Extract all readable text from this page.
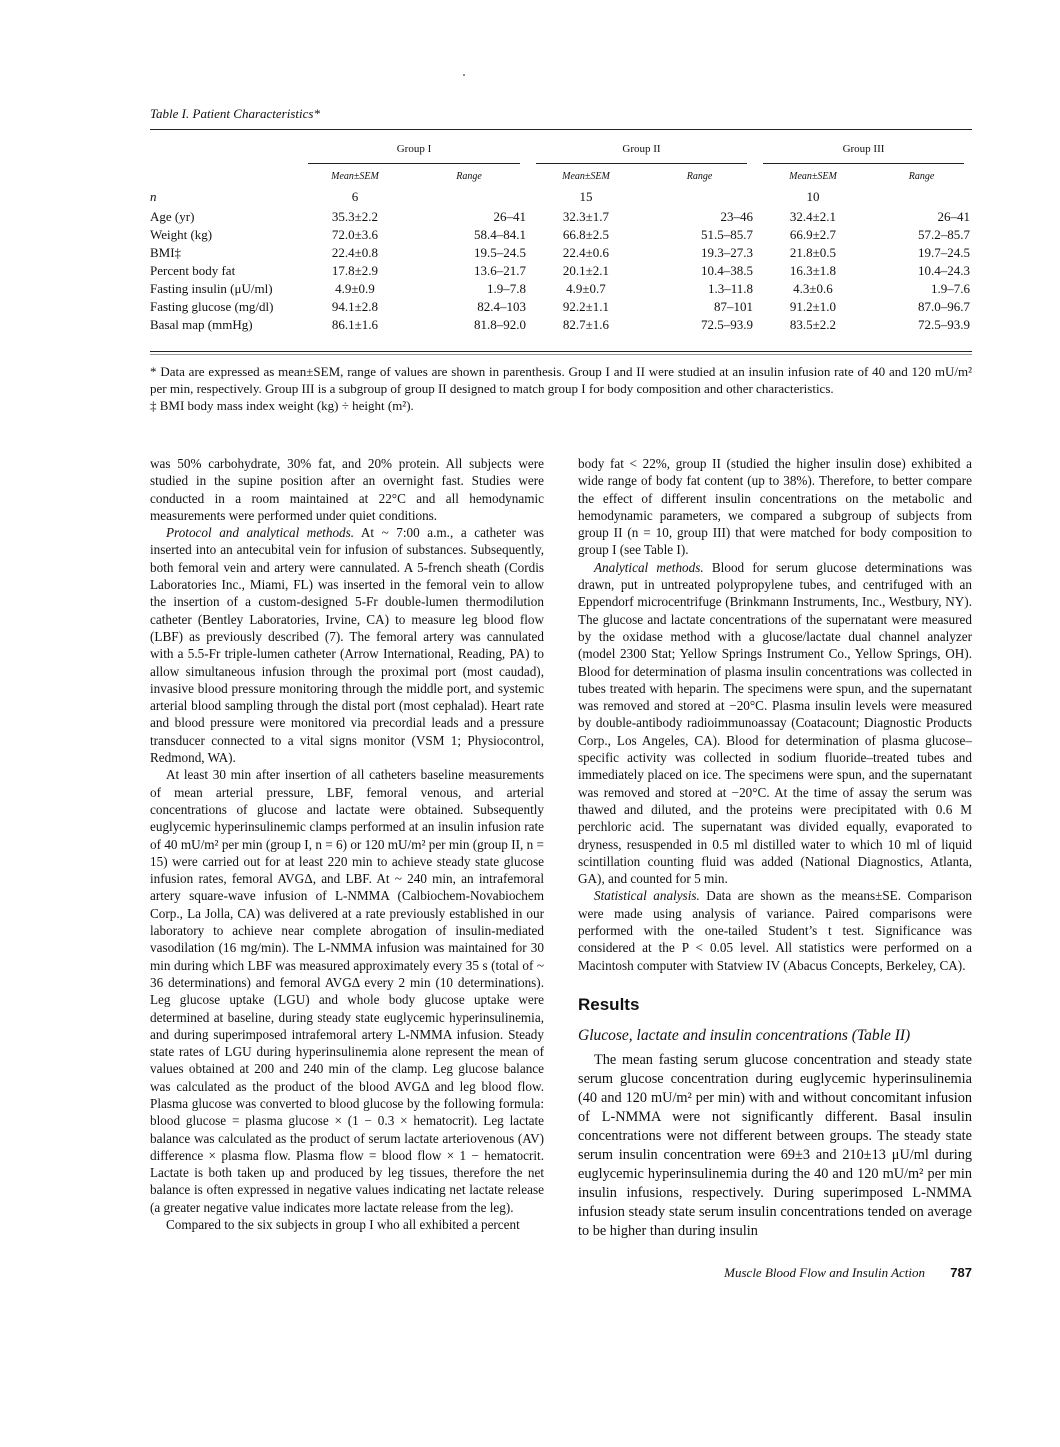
Table I. Patient Characteristics*
	Group I		Group II		Group III	

	Mean±SEM	Range	Mean±SEM	Range	Mean±SEM	Range
n	6		15		10	
Age (yr)	35.3±2.2	26–41	32.3±1.7	23–46	32.4±2.1	26–41
Weight (kg)	72.0±3.6	58.4–84.1	66.8±2.5	51.5–85.7	66.9±2.7	57.2–85.7
BMI‡	22.4±0.8	19.5–24.5	22.4±0.6	19.3–27.3	21.8±0.5	19.7–24.5
Percent body fat	17.8±2.9	13.6–21.7	20.1±2.1	10.4–38.5	16.3±1.8	10.4–24.3
Fasting insulin (μU/ml)	4.9±0.9	1.9–7.8	4.9±0.7	1.3–11.8	4.3±0.6	1.9–7.6
Fasting glucose (mg/dl)	94.1±2.8	82.4–103	92.2±1.1	87–101	91.2±1.0	87.0–96.7
Basal map (mmHg)	86.1±1.6	81.8–92.0	82.7±1.6	72.5–93.9	83.5±2.2	72.5–93.9
* Data are expressed as mean±SEM, range of values are shown in parenthesis. Group I and II were studied at an insulin infusion rate of 40 and 120 mU/m² per min, respectively. Group III is a subgroup of group II designed to match group I for body composition and other characteristics.
‡ BMI body mass index weight (kg) ÷ height (m²).

was 50% carbohydrate, 30% fat, and 20% protein. All subjects were studied in the supine position after an overnight fast. Studies were conducted in a room maintained at 22°C and all hemodynamic measurements were performed under quiet conditions.

Protocol and analytical methods. At ~ 7:00 a.m., a catheter was inserted into an antecubital vein for infusion of substances. Subsequently, both femoral vein and artery were cannulated. A 5-french sheath (Cordis Laboratories Inc., Miami, FL) was inserted in the femoral vein to allow the insertion of a custom-designed 5-Fr double-lumen thermodilution catheter (Bentley Laboratories, Irvine, CA) to measure leg blood flow (LBF) as previously described (7). The femoral artery was cannulated with a 5.5-Fr triple-lumen catheter (Arrow International, Reading, PA) to allow simultaneous infusion through the proximal port (most caudad), invasive blood pressure monitoring through the middle port, and systemic arterial blood sampling through the distal port (most cephalad). Heart rate and blood pressure were monitored via precordial leads and a pressure transducer connected to a vital signs monitor (VSM 1; Physiocontrol, Redmond, WA).

At least 30 min after insertion of all catheters baseline measurements of mean arterial pressure, LBF, femoral venous, and arterial concentrations of glucose and lactate were obtained. Subsequently euglycemic hyperinsulinemic clamps performed at an insulin infusion rate of 40 mU/m² per min (group I, n = 6) or 120 mU/m² per min (group II, n = 15) were carried out for at least 220 min to achieve steady state glucose infusion rates, femoral AVGΔ, and LBF. At ~ 240 min, an intrafemoral artery square-wave infusion of L-NMMA (Calbiochem-Novabiochem Corp., La Jolla, CA) was delivered at a rate previously established in our laboratory to achieve near complete abrogation of insulin-mediated vasodilation (16 mg/min). The L-NMMA infusion was maintained for 30 min during which LBF was measured approximately every 35 s (total of ~ 36 determinations) and femoral AVGΔ every 2 min (10 determinations). Leg glucose uptake (LGU) and whole body glucose uptake were determined at baseline, during steady state euglycemic hyperinsulinemia, and during superimposed intrafemoral artery L-NMMA infusion. Steady state rates of LGU during hyperinsulinemia alone represent the mean of values obtained at 200 and 240 min of the clamp. Leg glucose balance was calculated as the product of the blood AVGΔ and leg blood flow. Plasma glucose was converted to blood glucose by the following formula: blood glucose = plasma glucose × (1 − 0.3 × hematocrit). Leg lactate balance was calculated as the product of serum lactate arteriovenous (AV) difference × plasma flow. Plasma flow = blood flow × 1 − hematocrit. Lactate is both taken up and produced by leg tissues, therefore the net balance is often expressed in negative values indicating net lactate release (a greater negative value indicates more lactate release from the leg).

Compared to the six subjects in group I who all exhibited a percent

body fat < 22%, group II (studied the higher insulin dose) exhibited a wide range of body fat content (up to 38%). Therefore, to better compare the effect of different insulin concentrations on the metabolic and hemodynamic parameters, we compared a subgroup of subjects from group II (n = 10, group III) that were matched for body composition to group I (see Table I).

Analytical methods. Blood for serum glucose determinations was drawn, put in untreated polypropylene tubes, and centrifuged with an Eppendorf microcentrifuge (Brinkmann Instruments, Inc., Westbury, NY). The glucose and lactate concentrations of the supernatant were measured by the oxidase method with a glucose/lactate dual channel analyzer (model 2300 Stat; Yellow Springs Instrument Co., Yellow Springs, OH). Blood for determination of plasma insulin concentrations was collected in tubes treated with heparin. The specimens were spun, and the supernatant was removed and stored at −20°C. Plasma insulin levels were measured by double-antibody radioimmunoassay (Coatacount; Diagnostic Products Corp., Los Angeles, CA). Blood for determination of plasma glucose–specific activity was collected in sodium fluoride–treated tubes and immediately placed on ice. The specimens were spun, and the supernatant was removed and stored at −20°C. At the time of assay the serum was thawed and diluted, and the proteins were precipitated with 0.6 M perchloric acid. The supernatant was divided equally, evaporated to dryness, resuspended in 0.5 ml distilled water to which 10 ml of liquid scintillation counting fluid was added (National Diagnostics, Atlanta, GA), and counted for 5 min.

Statistical analysis. Data are shown as the means±SE. Comparison were made using analysis of variance. Paired comparisons were performed with the one-tailed Student’s t test. Significance was considered at the P < 0.05 level. All statistics were performed on a Macintosh computer with Statview IV (Abacus Concepts, Berkeley, CA).

Results
Glucose, lactate and insulin concentrations (Table II)

The mean fasting serum glucose concentration and steady state serum glucose concentration during euglycemic hyperinsulinemia (40 and 120 mU/m² per min) with and without concomitant infusion of L-NMMA were not significantly different. Basal insulin concentrations were not different between groups. The steady state serum insulin concentration were 69±3 and 210±13 μU/ml during euglycemic hyperinsulinemia during the 40 and 120 mU/m² per min insulin infusions, respectively. During superimposed L-NMMA infusion steady state serum insulin concentrations tended on average to be higher than during insulin

Muscle Blood Flow and Insulin Action 787
